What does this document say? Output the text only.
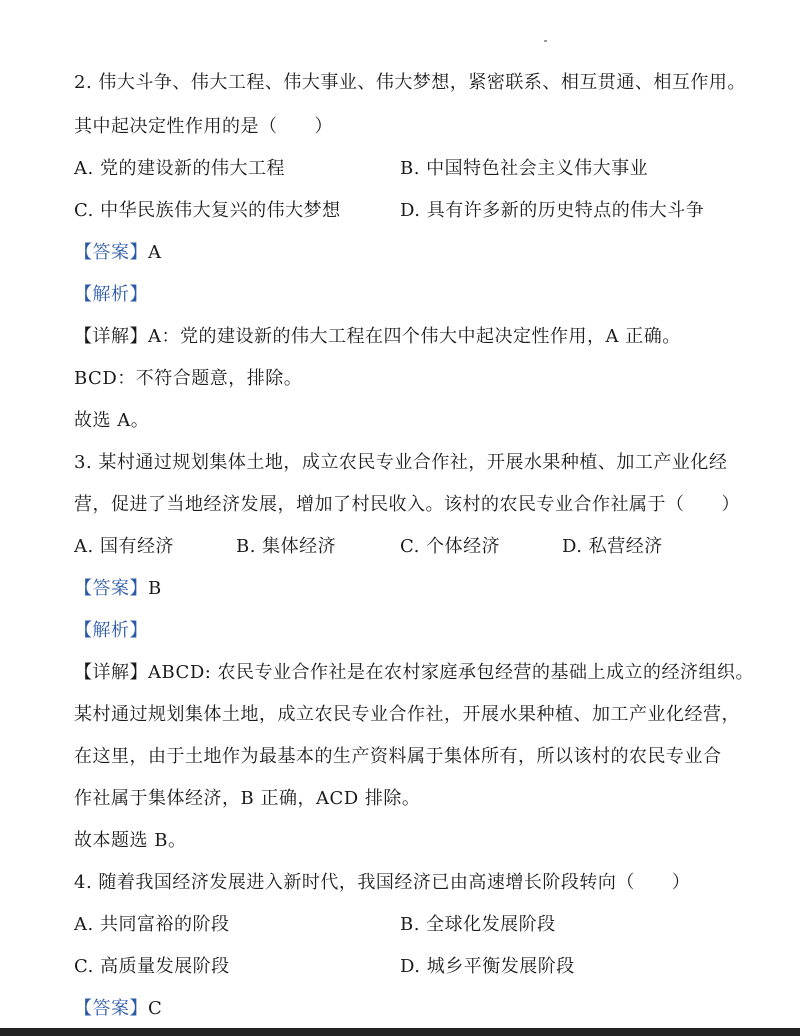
2. 伟大斗争、伟大工程、伟大事业、伟大梦想，紧密联系、相互贯通、相互作用。
其中起决定性作用的是（　　）
A. 党的建设新的伟大工程	B. 中国特色社会主义伟大事业
C. 中华民族伟大复兴的伟大梦想	D. 具有许多新的历史特点的伟大斗争
【答案】A
【解析】
【详解】A：党的建设新的伟大工程在四个伟大中起决定性作用，A 正确。
BCD：不符合题意，排除。
故选 A。
3. 某村通过规划集体土地，成立农民专业合作社，开展水果种植、加工产业化经
营，促进了当地经济发展，增加了村民收入。该村的农民专业合作社属于（　　）
A. 国有经济	B. 集体经济	C. 个体经济	D. 私营经济
【答案】B
【解析】
【详解】ABCD: 农民专业合作社是在农村家庭承包经营的基础上成立的经济组织。
某村通过规划集体土地，成立农民专业合作社，开展水果种植、加工产业化经营，
在这里，由于土地作为最基本的生产资料属于集体所有，所以该村的农民专业合
作社属于集体经济，B 正确，ACD 排除。
故本题选 B。
4. 随着我国经济发展进入新时代，我国经济已由高速增长阶段转向（　　）
A. 共同富裕的阶段	B. 全球化发展阶段
C. 高质量发展阶段	D. 城乡平衡发展阶段
【答案】C
